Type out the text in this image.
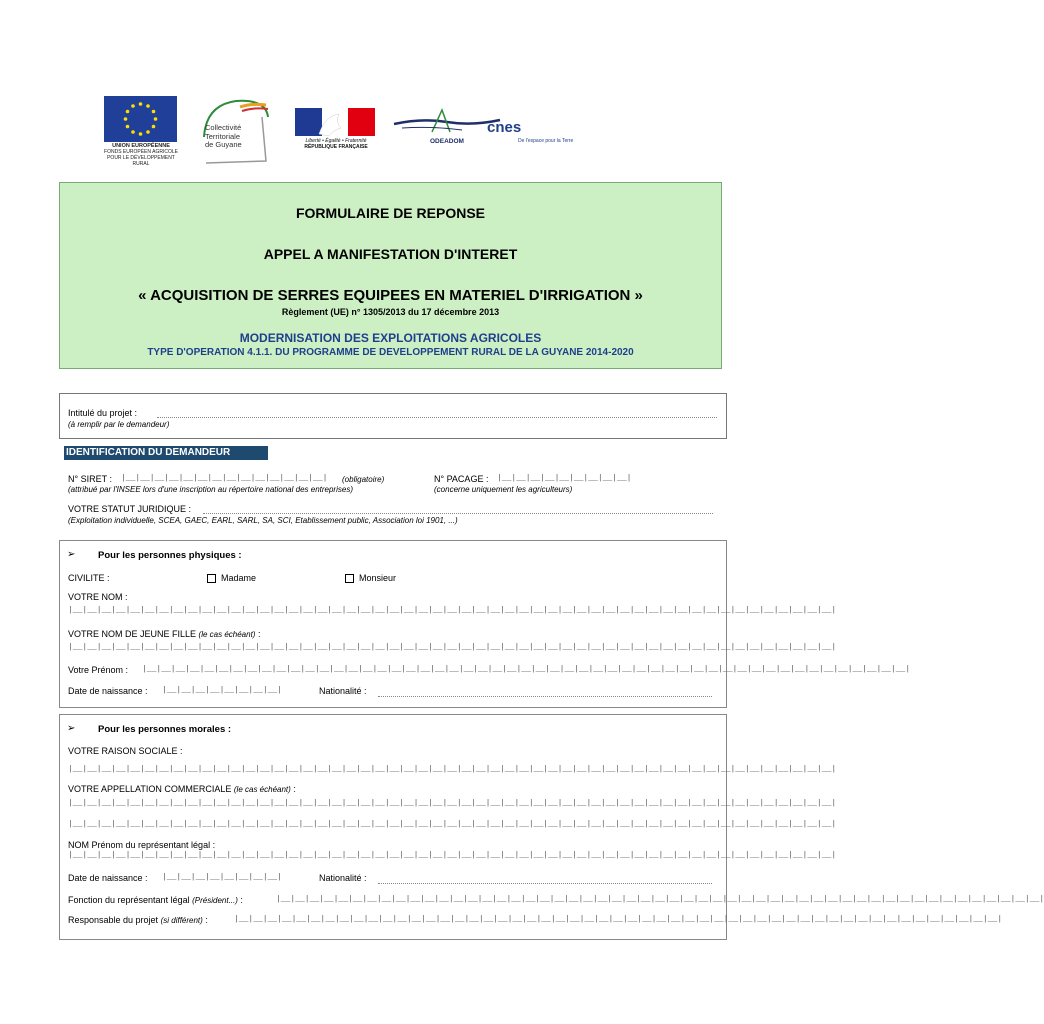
UNION EUROPÉENNE
FONDS EUROPÉEN AGRICOLE
POUR LE DÉVELOPPEMENT RURAL
Collectivité
Territoriale
de Guyane	Liberté • Égalité • Fraternité
RÉPUBLIQUE FRANÇAISE
ODEADOM
cnes
De l'espace pour la Terre
FORMULAIRE DE REPONSE
APPEL A MANIFESTATION D'INTERET
« ACQUISITION DE SERRES EQUIPEES EN MATERIEL D'IRRIGATION »
Règlement (UE) n° 1305/2013 du 17 décembre 2013
MODERNISATION DES EXPLOITATIONS AGRICOLES
TYPE D'OPERATION 4.1.1. DU PROGRAMME DE DEVELOPPEMENT RURAL DE LA GUYANE 2014-2020
Intitulé du projet :
(à remplir par le demandeur)
IDENTIFICATION DU DEMANDEUR
N° SIRET : |__|__|__|__|__|__|__|__|__|__|__|__|__|__|	(obligatoire)
(attribué par l'INSEE lors d'une inscription au répertoire national des entreprises)
N° PACAGE : |__|__|__|__|__|__|__|__|__|
(concerne uniquement les agriculteurs)
VOTRE STATUT JURIDIQUE :
(Exploitation individuelle, SCEA, GAEC, EARL, SARL, SA, SCI, Etablissement public, Association loi 1901, ...)
➢ Pour les personnes physiques :
CIVILITE :	Madame	Monsieur
VOTRE NOM :
|__|__|__|__|__|__|__|__|__|__|__|__|__|__|__|__|__|__|__|__|__|__|__|__|__|__|__|__|__|__|__|__|__|__|__|__|__|__|__|__|__|__|__|__|__|__|__|__|__|__|__|__|__|
VOTRE NOM DE JEUNE FILLE (le cas échéant) :
|__|__|__|__|__|__|__|__|__|__|__|__|__|__|__|__|__|__|__|__|__|__|__|__|__|__|__|__|__|__|__|__|__|__|__|__|__|__|__|__|__|__|__|__|__|__|__|__|__|__|__|__|__|
Votre Prénom : |__|__|__|__|__|__|__|__|__|__|__|__|__|__|__|__|__|__|__|__|__|__|__|__|__|__|__|__|__|__|__|__|__|__|__|__|__|__|__|__|__|__|__|__|__|__|__|__|__|__|__|__|__|
Date de naissance : |__|__|__|__|__|__|__|__|	Nationalité :
➢ Pour les personnes morales :
VOTRE RAISON SOCIALE :
|__|__|__|__|__|__|__|__|__|__|__|__|__|__|__|__|__|__|__|__|__|__|__|__|__|__|__|__|__|__|__|__|__|__|__|__|__|__|__|__|__|__|__|__|__|__|__|__|__|__|__|__|__|
VOTRE APPELLATION COMMERCIALE (le cas échéant) :
|__|__|__|__|__|__|__|__|__|__|__|__|__|__|__|__|__|__|__|__|__|__|__|__|__|__|__|__|__|__|__|__|__|__|__|__|__|__|__|__|__|__|__|__|__|__|__|__|__|__|__|__|__|
|__|__|__|__|__|__|__|__|__|__|__|__|__|__|__|__|__|__|__|__|__|__|__|__|__|__|__|__|__|__|__|__|__|__|__|__|__|__|__|__|__|__|__|__|__|__|__|__|__|__|__|__|__|
NOM Prénom du représentant légal :
|__|__|__|__|__|__|__|__|__|__|__|__|__|__|__|__|__|__|__|__|__|__|__|__|__|__|__|__|__|__|__|__|__|__|__|__|__|__|__|__|__|__|__|__|__|__|__|__|__|__|__|__|__|
Date de naissance : |__|__|__|__|__|__|__|__|	Nationalité :
Fonction du représentant légal (Président...) :	|__|__|__|__|__|__|__|__|__|__|__|__|__|__|__|__|__|__|__|__|__|__|__|__|__|__|__|__|__|__|__|__|__|__|__|__|__|__|__|__|__|__|__|__|__|__|__|__|__|__|__|__|__|
Responsable du projet (si différent) :	|__|__|__|__|__|__|__|__|__|__|__|__|__|__|__|__|__|__|__|__|__|__|__|__|__|__|__|__|__|__|__|__|__|__|__|__|__|__|__|__|__|__|__|__|__|__|__|__|__|__|__|__|__|
